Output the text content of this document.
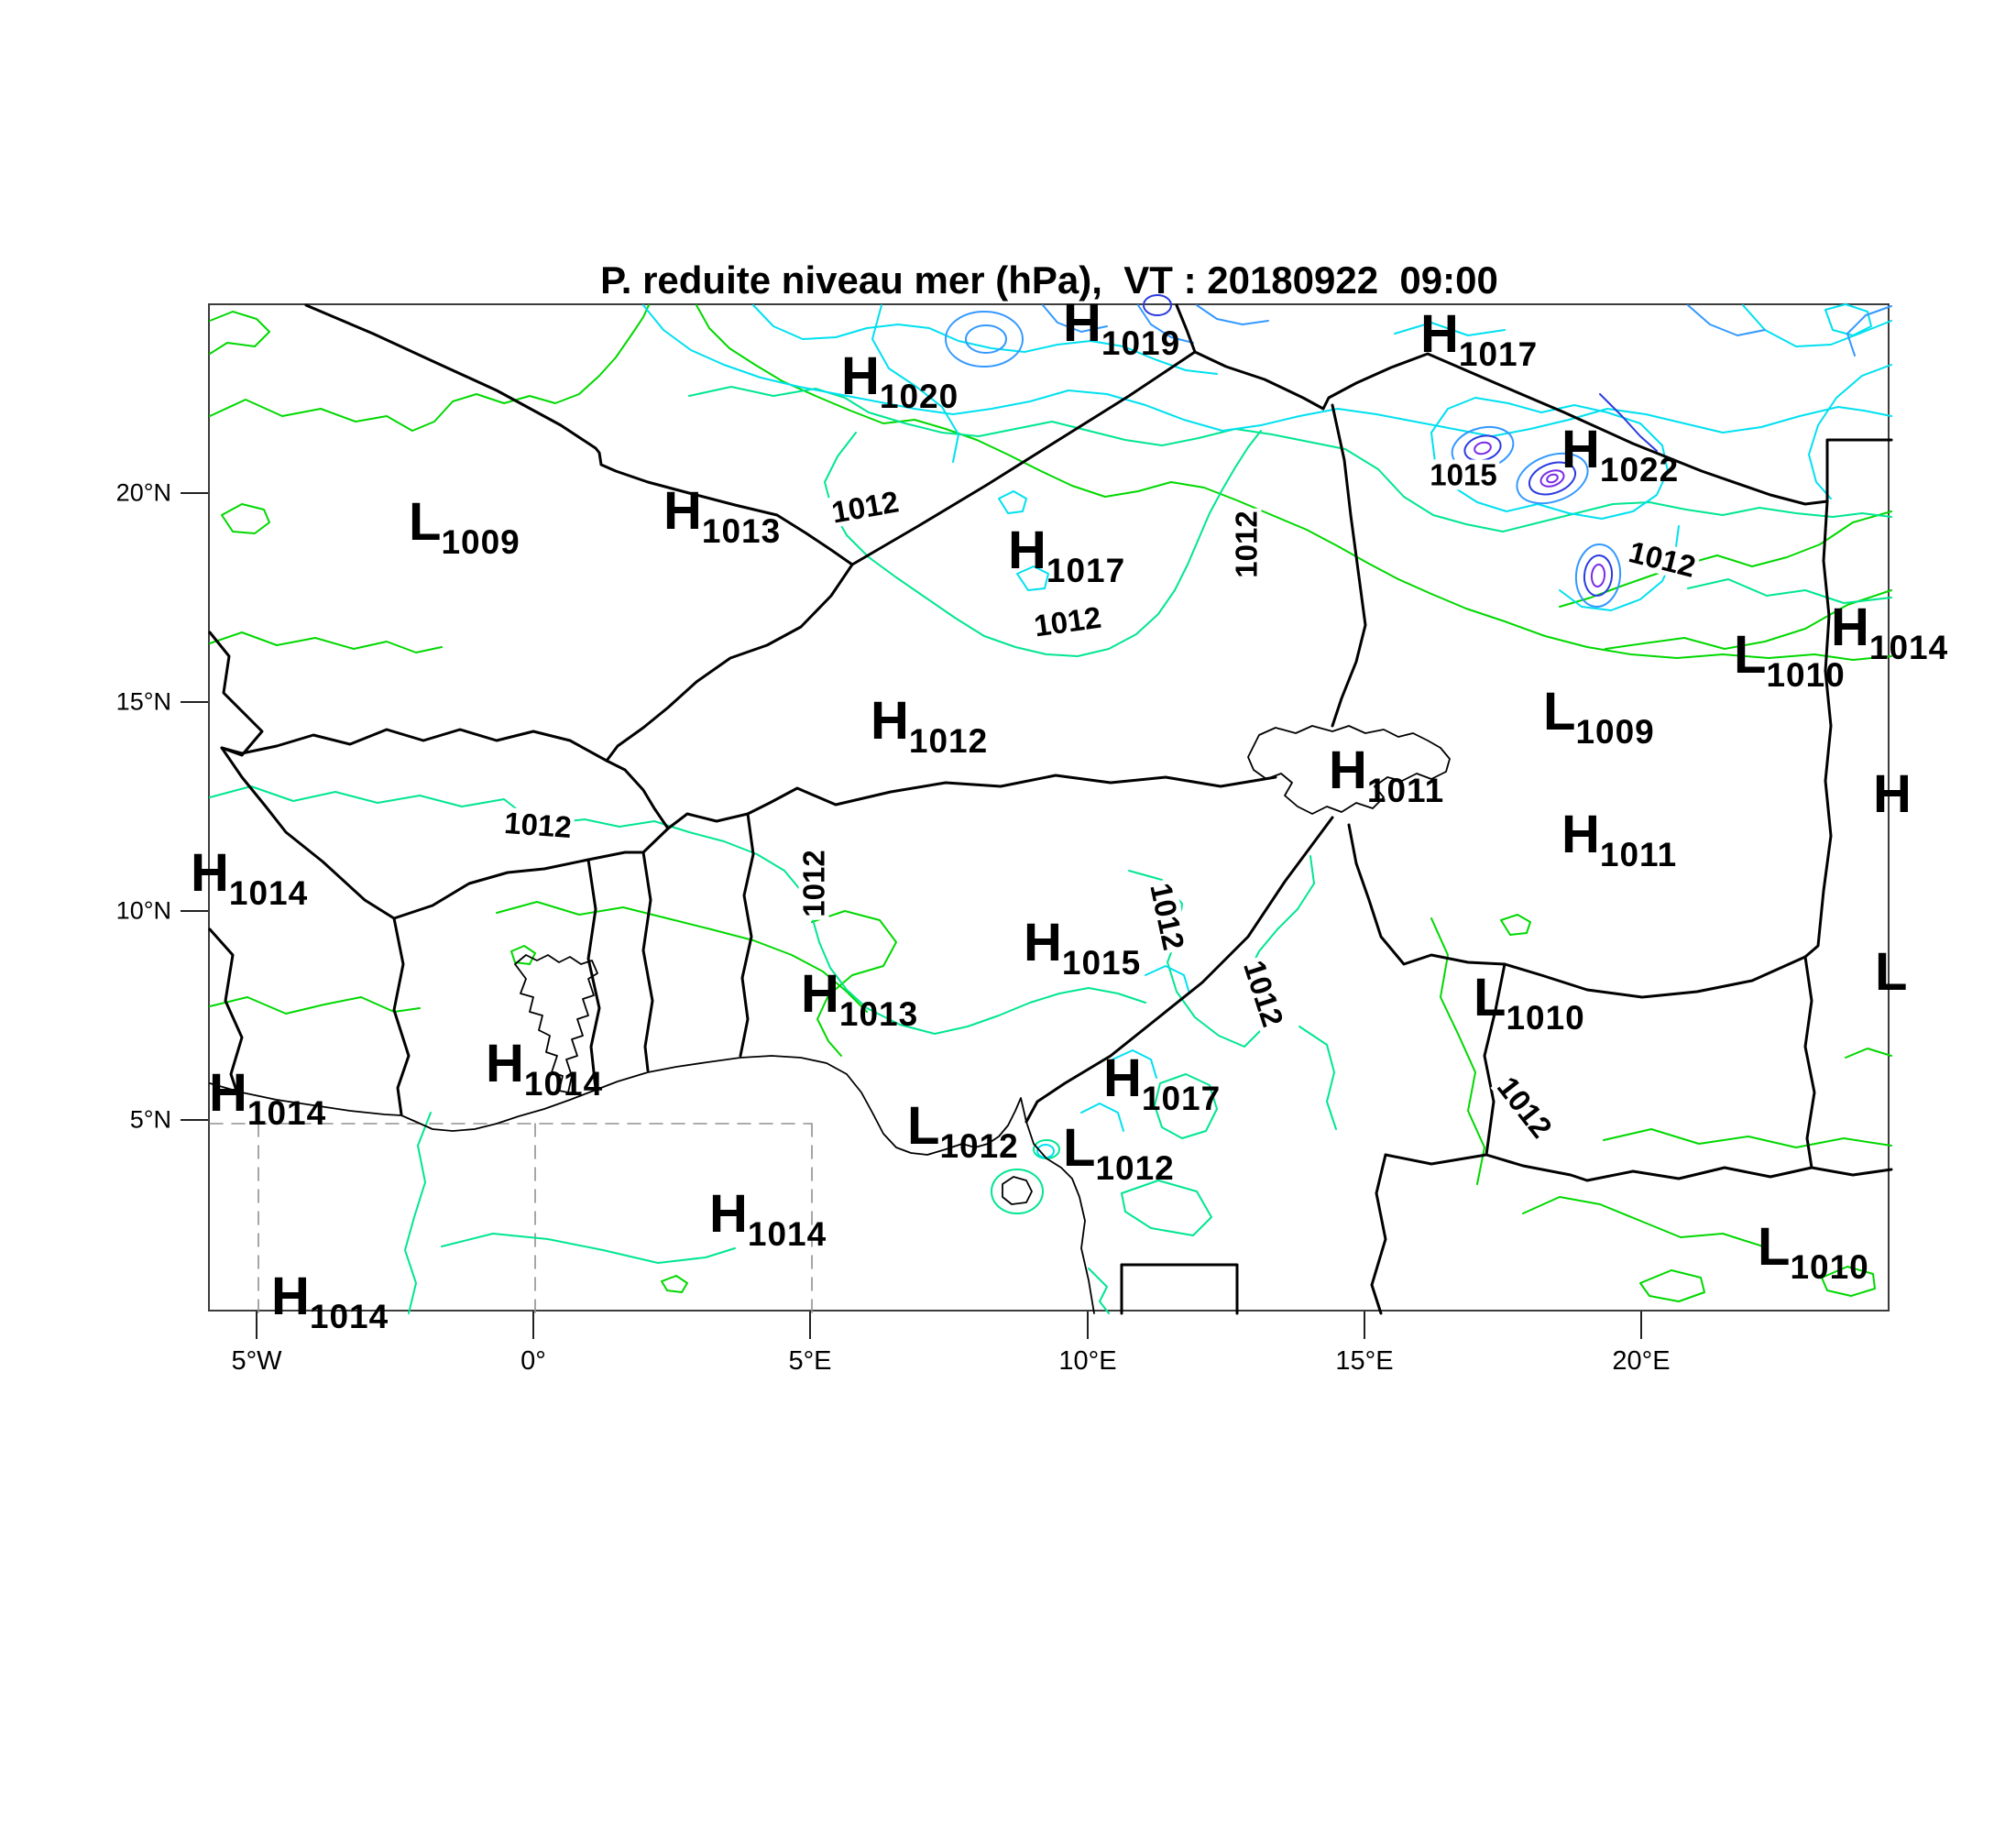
P. reduite niveau mer (hPa),  VT : 20180922  09:00
H 1019	H 1017
H 1020
H 1022
L 1009
H 1013	H 1017
L 1010
H 1014
L 1009
H 1012	H 1011
H 1011
H
H 1014
H 1015
L 1010
H 1013
L
H 1017
H 1014
H 1014	L 1012 L 1012
H 1014	L 1010
H 1014
1012
1012
1012
1015
1012
1012
1012	1012
1012
1012
20°N
15°N
10°N
5°N
5°W	0°	5°E	10°E	15°E	20°E
